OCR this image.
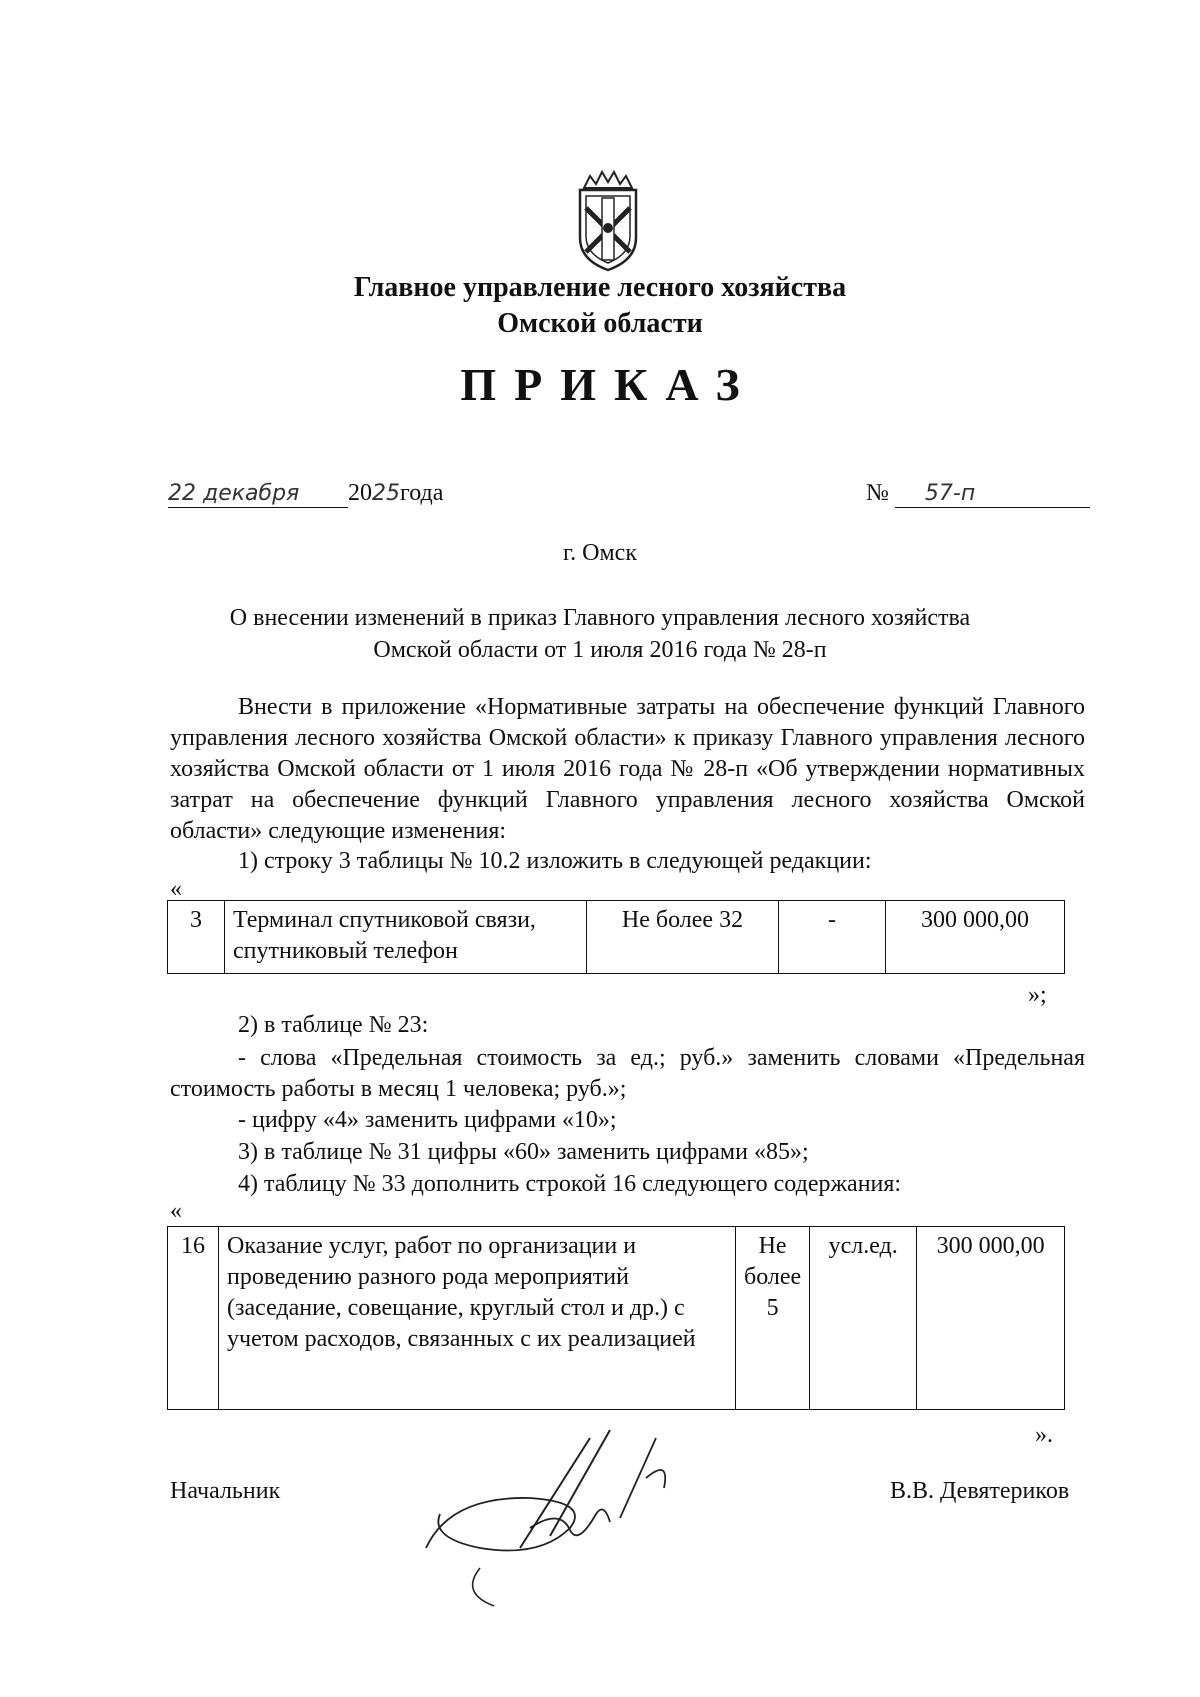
Главное управление лесного хозяйства
Омской области
ПРИКАЗ
22 декабря 2025года	№ 57-п
г. Омск
О внесении изменений в приказ Главного управления лесного хозяйства
Омской области от 1 июля 2016 года № 28-п
Внести в приложение «Нормативные затраты на обеспечение функций Главного управления лесного хозяйства Омской области» к приказу Главного управления лесного хозяйства Омской области от 1 июля 2016 года № 28-п «Об утверждении нормативных затрат на обеспечение функций Главного управления лесного хозяйства Омской области» следующие изменения:
1) строку 3 таблицы № 10.2 изложить в следующей редакции:
«
3	Терминал спутниковой связи, спутниковый телефон	Не более 32	-	300 000,00
»;
2) в таблице № 23:
- слова «Предельная стоимость за ед.; руб.» заменить словами «Предельная стоимость работы в месяц 1 человека; руб.»;
- цифру «4» заменить цифрами «10»;
3) в таблице № 31 цифры «60» заменить цифрами «85»;
4) таблицу № 33 дополнить строкой 16 следующего содержания:
«
16	Оказание услуг, работ по организации и проведению разного рода мероприятий (заседание, совещание, круглый стол и др.) с учетом расходов, связанных с их реализацией	Не более 5	усл.ед.	300 000,00
».
Начальник	В.В. Девятериков
